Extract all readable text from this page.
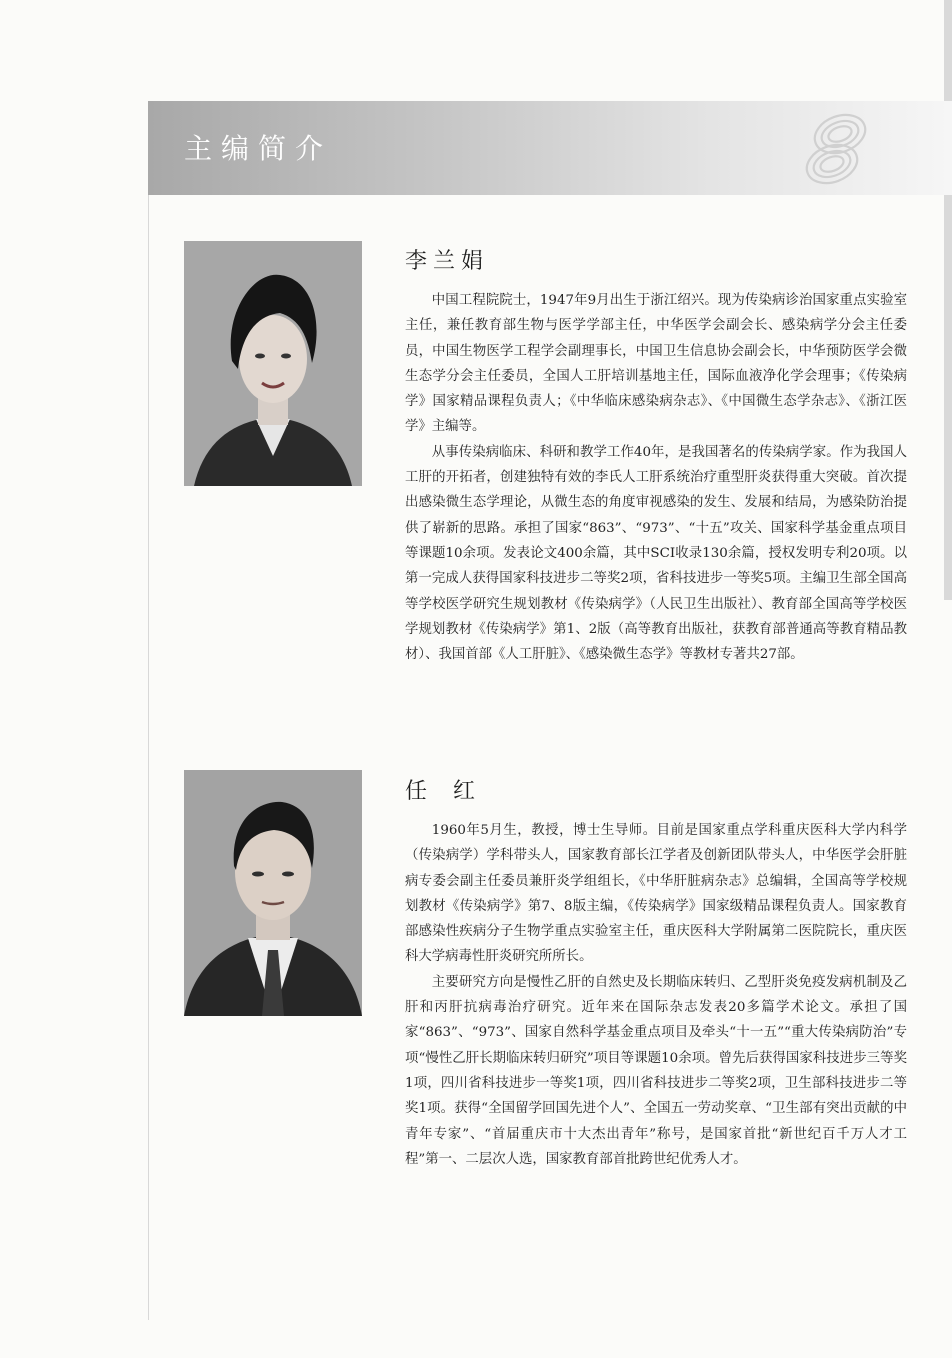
主编简介
李兰娟

中国工程院院士，1947年9月出生于浙江绍兴。现为传染病诊治国家重点实验室主任，兼任教育部生物与医学学部主任，中华医学会副会长、感染病学分会主任委员，中国生物医学工程学会副理事长，中国卫生信息协会副会长，中华预防医学会微生态学分会主任委员，全国人工肝培训基地主任，国际血液净化学会理事；《传染病学》国家精品课程负责人；《中华临床感染病杂志》、《中国微生态学杂志》、《浙江医学》主编等。

从事传染病临床、科研和教学工作40年，是我国著名的传染病学家。作为我国人工肝的开拓者，创建独特有效的李氏人工肝系统治疗重型肝炎获得重大突破。首次提出感染微生态学理论，从微生态的角度审视感染的发生、发展和结局，为感染防治提供了崭新的思路。承担了国家“863”、“973”、“十五”攻关、国家科学基金重点项目等课题10余项。发表论文400余篇，其中SCI收录130余篇，授权发明专利20项。以第一完成人获得国家科技进步二等奖2项，省科技进步一等奖5项。主编卫生部全国高等学校医学研究生规划教材《传染病学》（人民卫生出版社）、教育部全国高等学校医学规划教材《传染病学》第1、2版（高等教育出版社，获教育部普通高等教育精品教材）、我国首部《人工肝脏》、《感染微生态学》等教材专著共27部。

任红

1960年5月生，教授，博士生导师。目前是国家重点学科重庆医科大学内科学（传染病学）学科带头人，国家教育部长江学者及创新团队带头人，中华医学会肝脏病专委会副主任委员兼肝炎学组组长，《中华肝脏病杂志》总编辑，全国高等学校规划教材《传染病学》第7、8版主编，《传染病学》国家级精品课程负责人。国家教育部感染性疾病分子生物学重点实验室主任，重庆医科大学附属第二医院院长，重庆医科大学病毒性肝炎研究所所长。

主要研究方向是慢性乙肝的自然史及长期临床转归、乙型肝炎免疫发病机制及乙肝和丙肝抗病毒治疗研究。近年来在国际杂志发表20多篇学术论文。承担了国家“863”、“973”、国家自然科学基金重点项目及牵头“十一五”“重大传染病防治”专项“慢性乙肝长期临床转归研究”项目等课题10余项。曾先后获得国家科技进步三等奖1项，四川省科技进步一等奖1项，四川省科技进步二等奖2项，卫生部科技进步二等奖1项。获得“全国留学回国先进个人”、全国五一劳动奖章、“卫生部有突出贡献的中青年专家”、“首届重庆市十大杰出青年”称号，是国家首批“新世纪百千万人才工程”第一、二层次人选，国家教育部首批跨世纪优秀人才。
